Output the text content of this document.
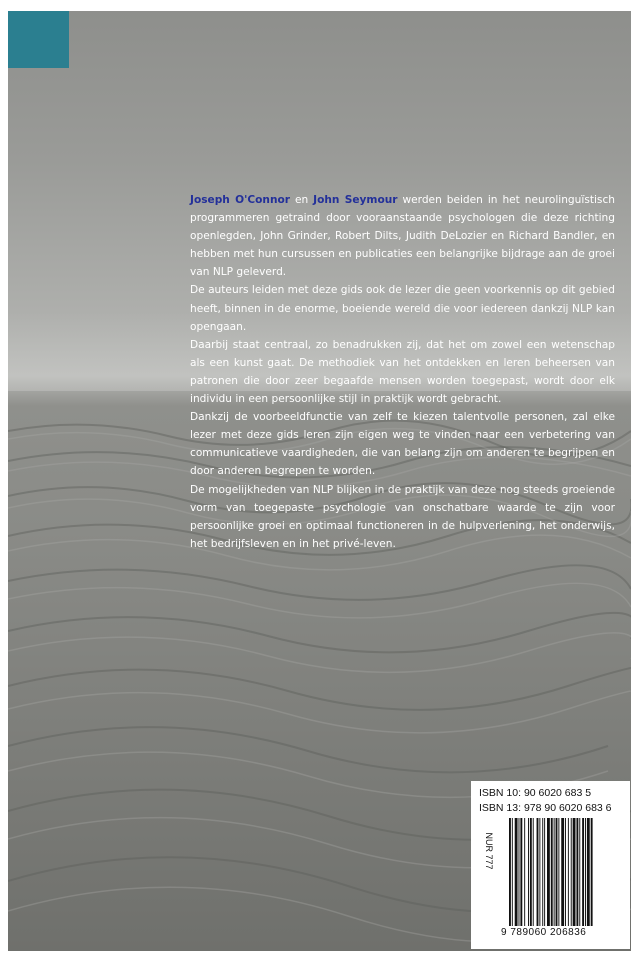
Joseph O'Connor en John Seymour werden beiden in het neurolinguïstisch programmeren getraind door vooraanstaande psychologen die deze richting openlegden, John Grinder, Robert Dilts, Judith DeLozier en Richard Bandler, en hebben met hun cursussen en publicaties een belangrijke bijdrage aan de groei van NLP geleverd.

De auteurs leiden met deze gids ook de lezer die geen voorkennis op dit gebied heeft, binnen in de enorme, boeiende wereld die voor iedereen dankzij NLP kan opengaan.

Daarbij staat centraal, zo benadrukken zij, dat het om zowel een wetenschap als een kunst gaat. De methodiek van het ontdekken en leren beheersen van patronen die door zeer begaafde mensen worden toegepast, wordt door elk individu in een persoonlijke stijl in praktijk wordt gebracht.

Dankzij de voorbeeldfunctie van zelf te kiezen talentvolle personen, zal elke lezer met deze gids leren zijn eigen weg te vinden naar een verbetering van communicatieve vaardigheden, die van belang zijn om anderen te begrijpen en door anderen begrepen te worden.

De mogelijkheden van NLP blijken in de praktijk van deze nog steeds groeiende vorm van toegepaste psychologie van onschatbare waarde te zijn voor persoonlijke groei en optimaal functioneren in de hulpverlening, het onderwijs, het bedrijfsleven en in het privé-leven.

ISBN 10: 90 6020 683 5
ISBN 13: 978 90 6020 683 6
NUR 777
9 789060 206836
